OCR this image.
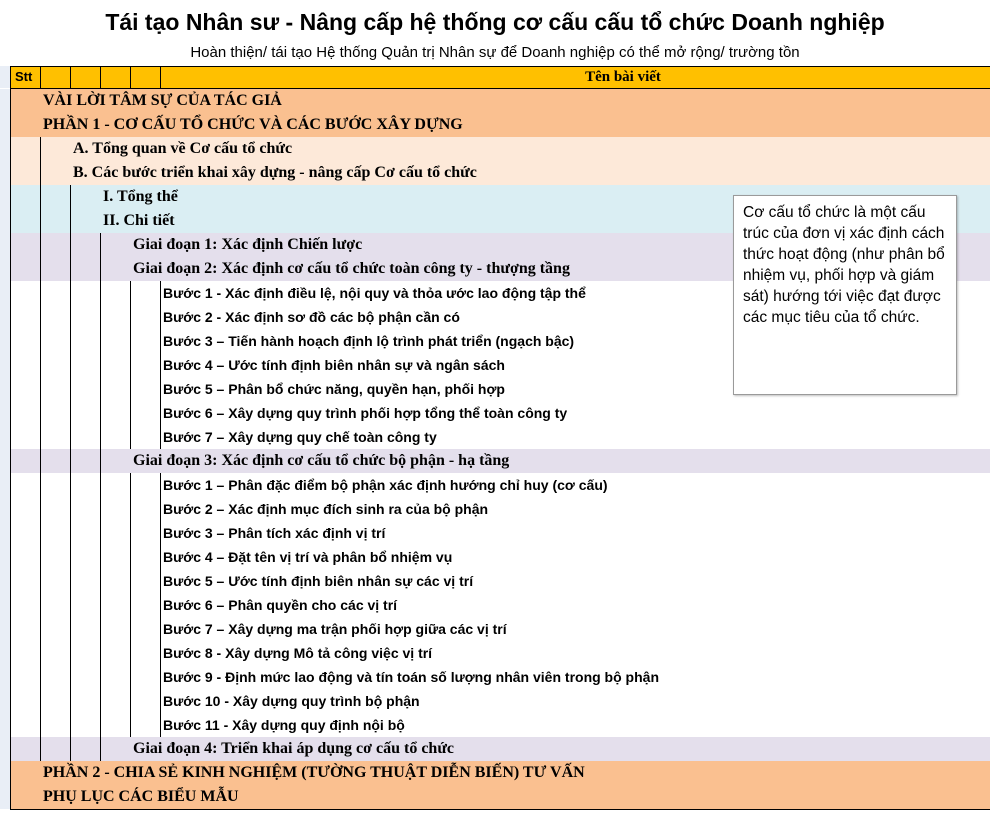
Tái tạo Nhân sư - Nâng cấp hệ thống cơ cấu cấu tổ chức Doanh nghiệp
Hoàn thiện/ tái tạo Hệ thống Quản trị Nhân sự để Doanh nghiệp có thể mở rộng/ trường tồn
Stt	Tên bài viết
VÀI LỜI TÂM SỰ CỦA TÁC GIẢ
PHẦN 1 - CƠ CẤU TỔ CHỨC VÀ CÁC BƯỚC XÂY DỰNG
A. Tổng quan về Cơ cấu tổ chức
B. Các bước triển khai xây dựng - nâng cấp Cơ cấu tổ chức
I. Tổng thể
II. Chi tiết
Giai đoạn 1: Xác định Chiến lược
Giai đoạn 2: Xác định cơ cấu tổ chức toàn công ty - thượng tầng
Bước 1 - Xác định điều lệ, nội quy và thỏa ước lao động tập thể
Bước 2 - Xác định sơ đồ các bộ phận cần có
Bước 3 – Tiến hành hoạch định lộ trình phát triển (ngạch bậc)
Bước 4 – Ước tính định biên nhân sự và ngân sách
Bước 5 – Phân bổ chức năng, quyền hạn, phối hợp
Bước 6 – Xây dựng quy trình phối hợp tổng thể toàn công ty
Bước 7 – Xây dựng quy chế toàn công ty
Giai đoạn 3: Xác định cơ cấu tổ chức bộ phận - hạ tầng
Bước 1 – Phân đặc điểm bộ phận xác định hướng chỉ huy (cơ cấu)
Bước 2 – Xác định mục đích sinh ra của bộ phận
Bước 3 – Phân tích xác định vị trí
Bước 4 – Đặt tên vị trí và phân bổ nhiệm vụ
Bước 5 – Ước tính định biên nhân sự các vị trí
Bước 6 – Phân quyền cho các vị trí
Bước 7 – Xây dựng ma trận phối hợp giữa các vị trí
Bước 8 - Xây dựng Mô tả công việc vị trí
Bước 9 - Định mức lao động và tín toán số lượng nhân viên trong bộ phận
Bước 10 - Xây dựng quy trình bộ phận
Bước 11 - Xây dựng quy định nội bộ
Giai đoạn 4: Triển khai áp dụng cơ cấu tổ chức
PHẦN 2 - CHIA SẺ KINH NGHIỆM (TƯỜNG THUẬT DIỄN BIẾN) TƯ VẤN
PHỤ LỤC CÁC BIỂU MẪU
Cơ cấu tổ chức là một cấu trúc của đơn vị xác định cách thức hoạt động (như phân bổ nhiệm vụ, phối hợp và giám sát) hướng tới việc đạt được các mục tiêu của tổ chức.
